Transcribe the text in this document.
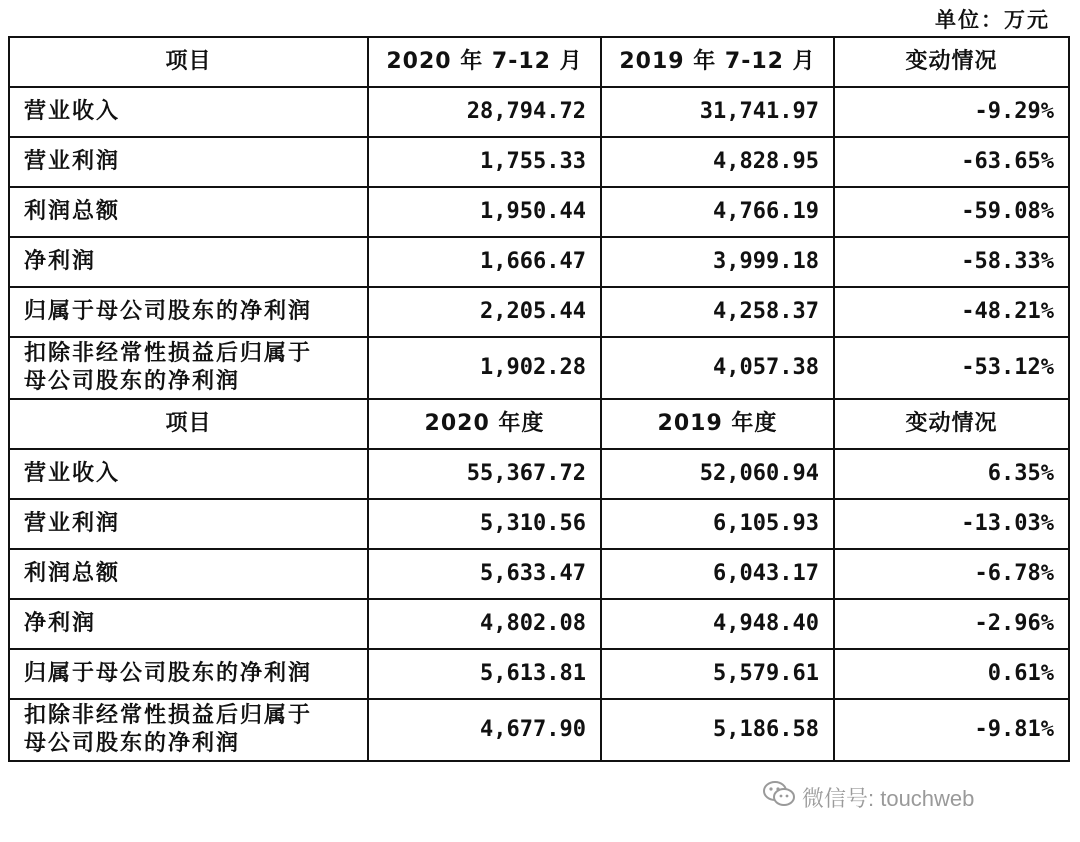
单位：万元
项目	2020 年 7-12 月	2019 年 7-12 月	变动情况
营业收入	28,794.72	31,741.97	-9.29%
营业利润	1,755.33	4,828.95	-63.65%
利润总额	1,950.44	4,766.19	-59.08%
净利润	1,666.47	3,999.18	-58.33%
归属于母公司股东的净利润	2,205.44	4,258.37	-48.21%

扣除非经常性损益后归属于
母公司股东的净利润	1,902.28	4,057.38	-53.12%
项目	2020 年度	2019 年度	变动情况
营业收入	55,367.72	52,060.94	6.35%
营业利润	5,310.56	6,105.93	-13.03%
利润总额	5,633.47	6,043.17	-6.78%
净利润	4,802.08	4,948.40	-2.96%
归属于母公司股东的净利润	5,613.81	5,579.61	0.61%

扣除非经常性损益后归属于
母公司股东的净利润	4,677.90	5,186.58	-9.81%
微信号: touchweb
